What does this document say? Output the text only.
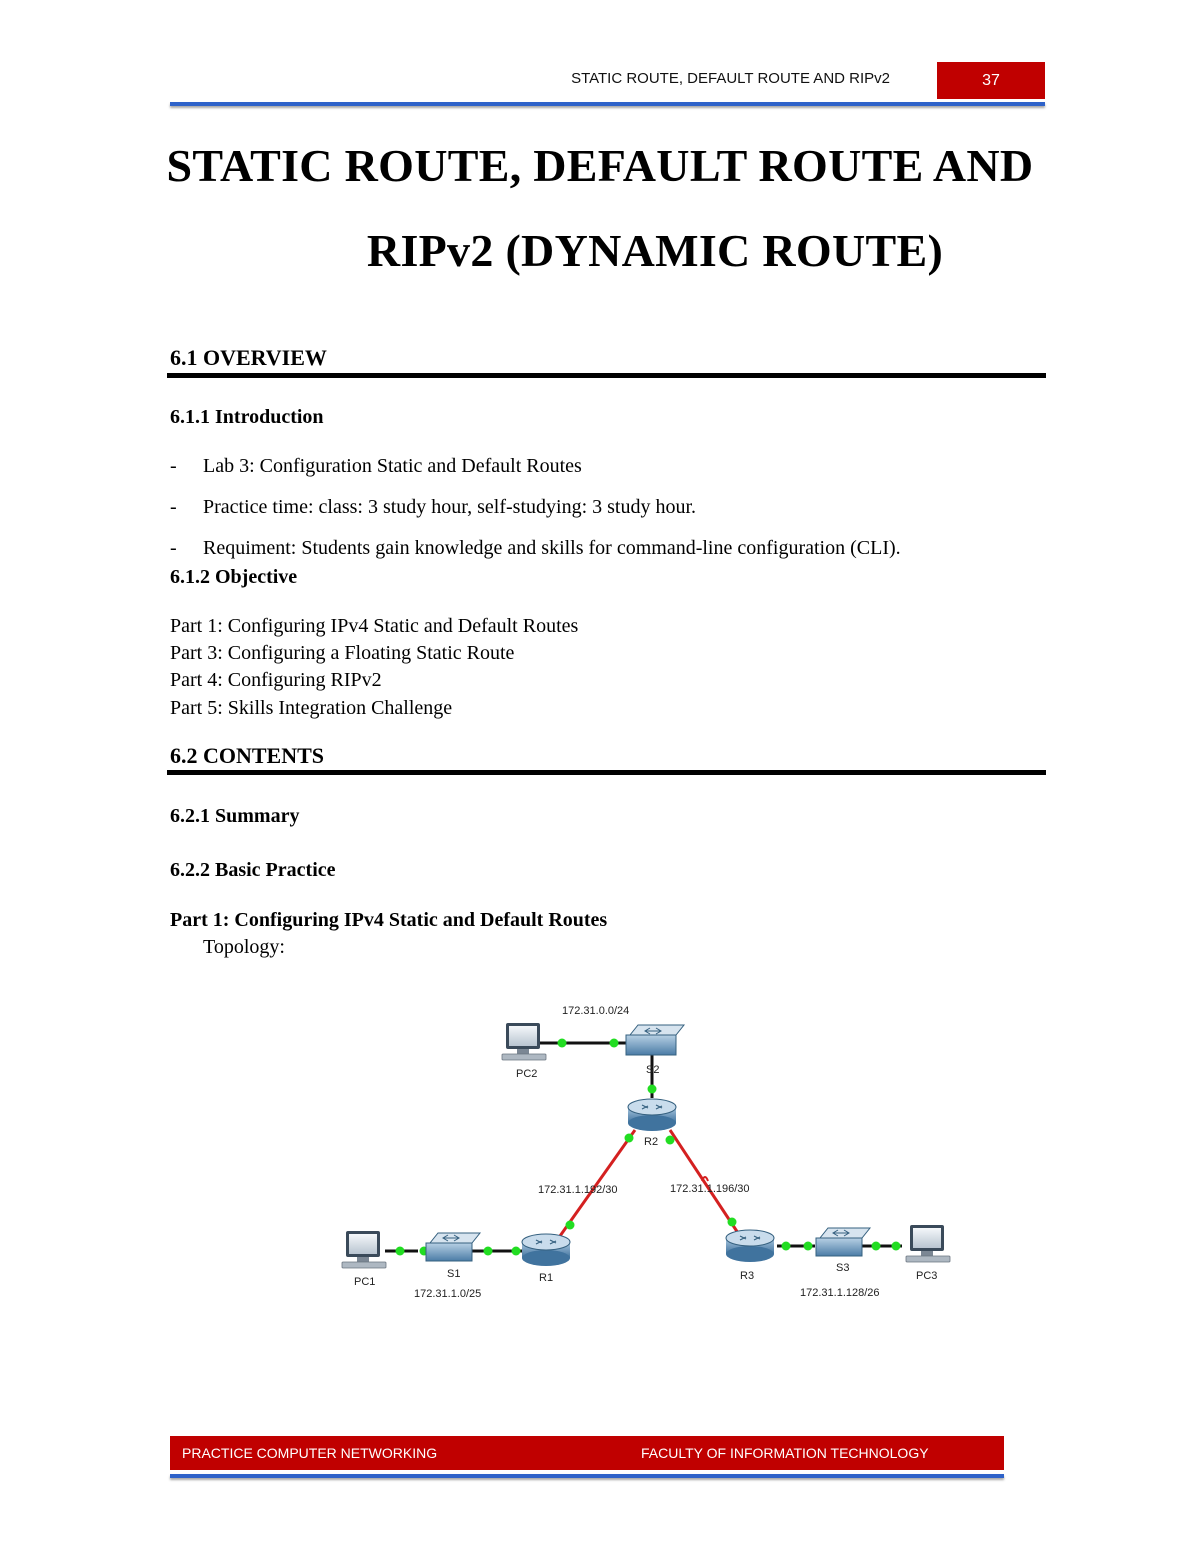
STATIC ROUTE, DEFAULT ROUTE AND RIPv2	37
STATIC ROUTE, DEFAULT ROUTE AND
RIPv2 (DYNAMIC ROUTE)
6.1 OVERVIEW
6.1.1 Introduction
- Lab 3: Configuration Static and Default Routes
- Practice time: class: 3 study hour, self-studying: 3 study hour.
- Requiment: Students gain knowledge and skills for command-line configuration (CLI).
6.1.2 Objective
Part 1: Configuring IPv4 Static and Default Routes
Part 3: Configuring a Floating Static Route
Part 4: Configuring RIPv2
Part 5: Skills Integration Challenge
6.2 CONTENTS
6.2.1 Summary
6.2.2 Basic Practice
Part 1: Configuring IPv4 Static and Default Routes
Topology:
172.31.0.0/24
PC2	S2
R2
172.31.1.192/30	172.31.1.196/30
PC1
S1	R1
172.31.1.0/25
R3
S3
PC3
172.31.1.128/26
PRACTICE COMPUTER NETWORKING	FACULTY OF INFORMATION TECHNOLOGY
